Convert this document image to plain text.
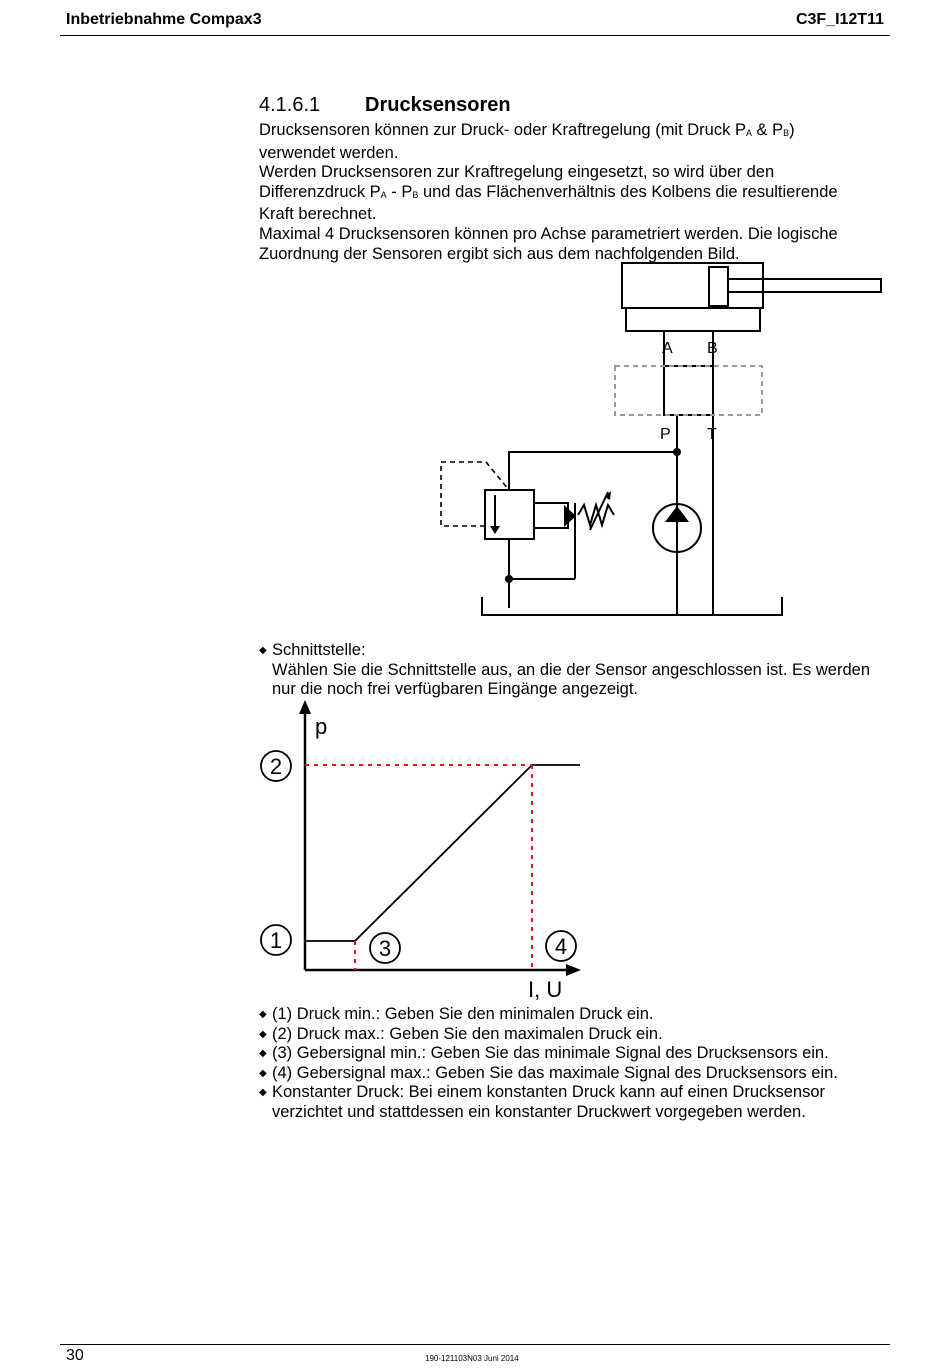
Inbetriebnahme Compax3	C3F_I12T11
4.1.6.1 Drucksensoren

Drucksensoren können zur Druck- oder Kraftregelung (mit Druck $P_A$ & $P_B$)
verwendet werden.

Werden Drucksensoren zur Kraftregelung eingesetzt, so wird über den
Differenzdruck $P_A - P_B$ und das Flächenverhältnis des Kolbens die resultierende
Kraft berechnet.

Maximal 4 Drucksensoren können pro Achse parametriert werden. Die logische Zuordnung der Sensoren ergibt sich aus dem nachfolgenden Bild.

A B
P T
◆ Schnittstelle:
Wählen Sie die Schnittstelle aus, an die der Sensor angeschlossen ist. Es werden nur die noch frei verfügbaren Eingänge angezeigt.
2
1	3	4
p
I, U
◆ (1) Druck min.: Geben Sie den minimalen Druck ein.
◆ (2) Druck max.: Geben Sie den maximalen Druck ein.
◆ (3) Gebersignal min.: Geben Sie das minimale Signal des Drucksensors ein.
◆ (4) Gebersignal max.: Geben Sie das maximale Signal des Drucksensors ein.
◆ Konstanter Druck: Bei einem konstanten Druck kann auf einen Drucksensor verzichtet und stattdessen ein konstanter Druckwert vorgegeben werden.
30	190-121103N03 Juni 2014
